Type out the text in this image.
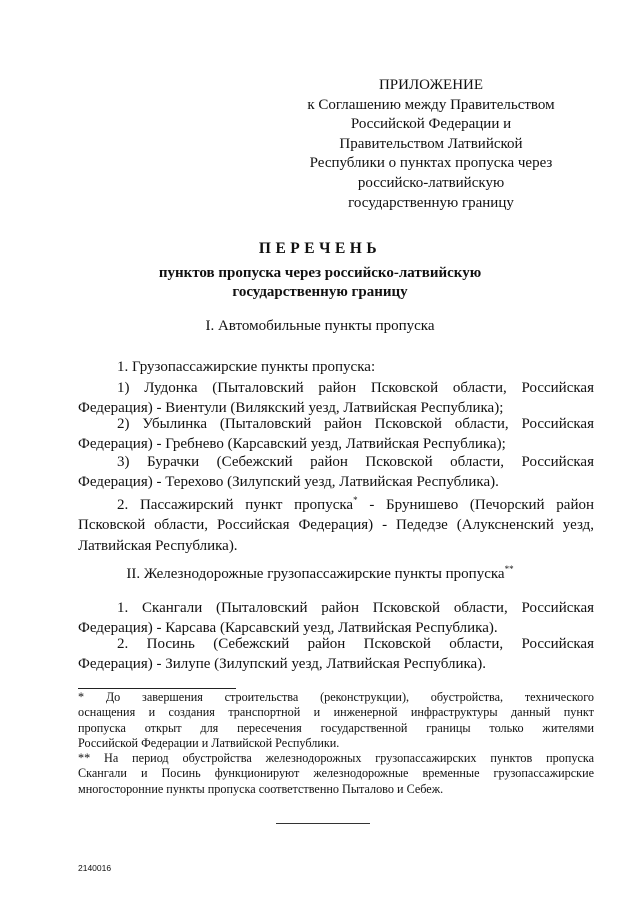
ПРИЛОЖЕНИЕ
к Соглашению между Правительством
Российской Федерации и
Правительством Латвийской
Республики о пунктах пропуска через
российско-латвийскую
государственную границу
ПЕРЕЧЕНЬ
пунктов пропуска через российско-латвийскую
государственную границу
I. Автомобильные пункты пропуска
1. Грузопассажирские пункты пропуска:
1) Лудонка (Пыталовский район Псковской области, Российская
Федерация) - Виентули (Вилякский уезд, Латвийская Республика);
2) Убылинка (Пыталовский район Псковской области, Российская
Федерация) - Гребнево (Карсавский уезд, Латвийская Республика);
3) Бурачки (Себежский район Псковской области, Российская
Федерация) - Терехово (Зилупский уезд, Латвийская Республика).
2. Пассажирский пункт пропуска* - Брунишево (Печорский район
Псковской области, Российская Федерация) - Педедзе (Алуксненский уезд,
Латвийская Республика).
II. Железнодорожные грузопассажирские пункты пропуска**
1. Скангали (Пыталовский район Псковской области, Российская
Федерация) - Карсава (Карсавский уезд, Латвийская Республика).
2. Посинь (Себежский район Псковской области, Российская
Федерация) - Зилупе (Зилупский уезд, Латвийская Республика).
* До завершения строительства (реконструкции), обустройства, технического
оснащения и создания транспортной и инженерной инфраструктуры данный пункт
пропуска открыт для пересечения государственной границы только жителями
Российской Федерации и Латвийской Республики.
** На период обустройства железнодорожных грузопассажирских пунктов пропуска
Скангали и Посинь функционируют железнодорожные временные грузопассажирские
многосторонние пункты пропуска соответственно Пыталово и Себеж.
2140016
